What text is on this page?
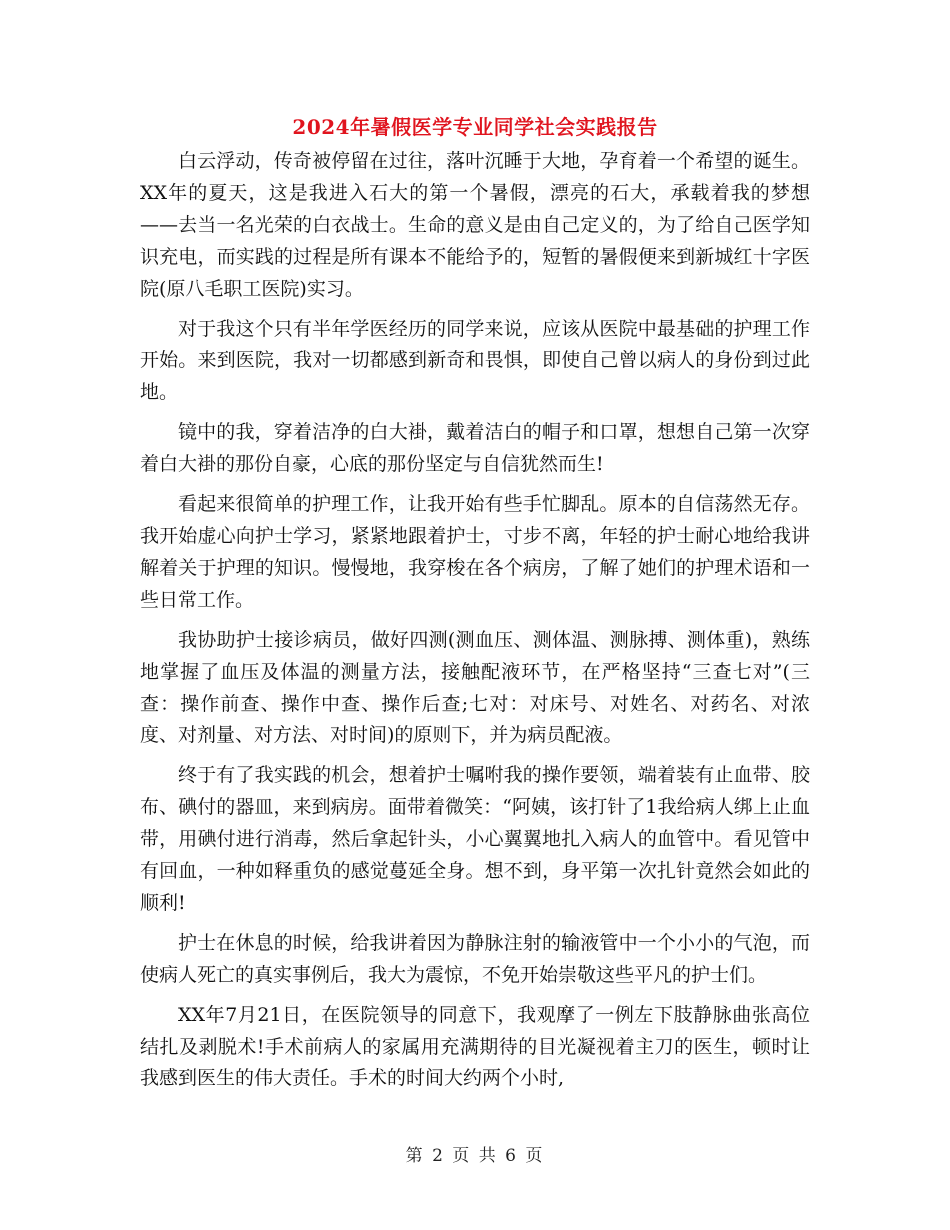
2024年暑假医学专业同学社会实践报告

白云浮动，传奇被停留在过往，落叶沉睡于大地，孕育着一个希望的诞生。XX年的夏天，这是我进入石大的第一个暑假，漂亮的石大，承载着我的梦想——去当一名光荣的白衣战士。生命的意义是由自己定义的，为了给自己医学知识充电，而实践的过程是所有课本不能给予的，短暂的暑假便来到新城红十字医院(原八毛职工医院)实习。

对于我这个只有半年学医经历的同学来说，应该从医院中最基础的护理工作开始。来到医院，我对一切都感到新奇和畏惧，即使自己曾以病人的身份到过此地。

镜中的我，穿着洁净的白大褂，戴着洁白的帽子和口罩，想想自己第一次穿着白大褂的那份自豪，心底的那份坚定与自信犹然而生!

看起来很简单的护理工作，让我开始有些手忙脚乱。原本的自信荡然无存。我开始虚心向护士学习，紧紧地跟着护士，寸步不离，年轻的护士耐心地给我讲解着关于护理的知识。慢慢地，我穿梭在各个病房，了解了她们的护理术语和一些日常工作。

我协助护士接诊病员，做好四测(测血压、测体温、测脉搏、测体重)，熟练地掌握了血压及体温的测量方法，接触配液环节，在严格坚持“三查七对”(三查：操作前查、操作中查、操作后查;七对：对床号、对姓名、对药名、对浓度、对剂量、对方法、对时间)的原则下，并为病员配液。

终于有了我实践的机会，想着护士嘱咐我的操作要领，端着装有止血带、胶布、碘付的器皿，来到病房。面带着微笑：“阿姨，该打针了1我给病人绑上止血带，用碘付进行消毒，然后拿起针头，小心翼翼地扎入病人的血管中。看见管中有回血，一种如释重负的感觉蔓延全身。想不到，身平第一次扎针竟然会如此的顺利!

护士在休息的时候，给我讲着因为静脉注射的输液管中一个小小的气泡，而使病人死亡的真实事例后，我大为震惊，不免开始崇敬这些平凡的护士们。

XX年7月21日，在医院领导的同意下，我观摩了一例左下肢静脉曲张高位结扎及剥脱术!手术前病人的家属用充满期待的目光凝视着主刀的医生，顿时让我感到医生的伟大责任。手术的时间大约两个小时,

第 2 页 共 6 页
